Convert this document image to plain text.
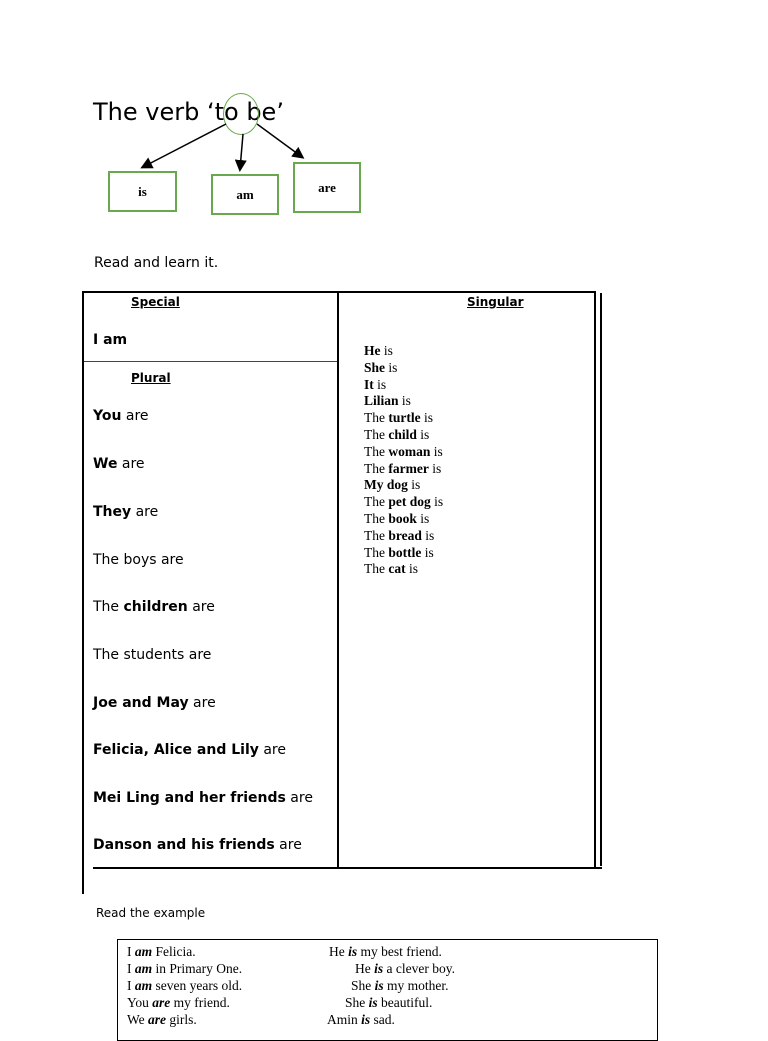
The verb ‘to be’
is	am	are
Read and learn it.
Special
I am
Plural
You are
We are
They are
The boys are
The children are
The students are
Joe and May are
Felicia, Alice and Lily are
Mei Ling and her friends are
Danson and his friends are
Singular
He is
She is
It is
Lilian is
The turtle is
The child is
The woman is
The farmer is
My dog is
The pet dog is
The book is
The bread is
The bottle is
The cat is
Read the example
I am Felicia.
I am in Primary One.
I am seven years old.
You are my friend.
We are girls.
He is my best friend.
He is a clever boy.
She is my mother.
She is beautiful.
Amin is sad.
